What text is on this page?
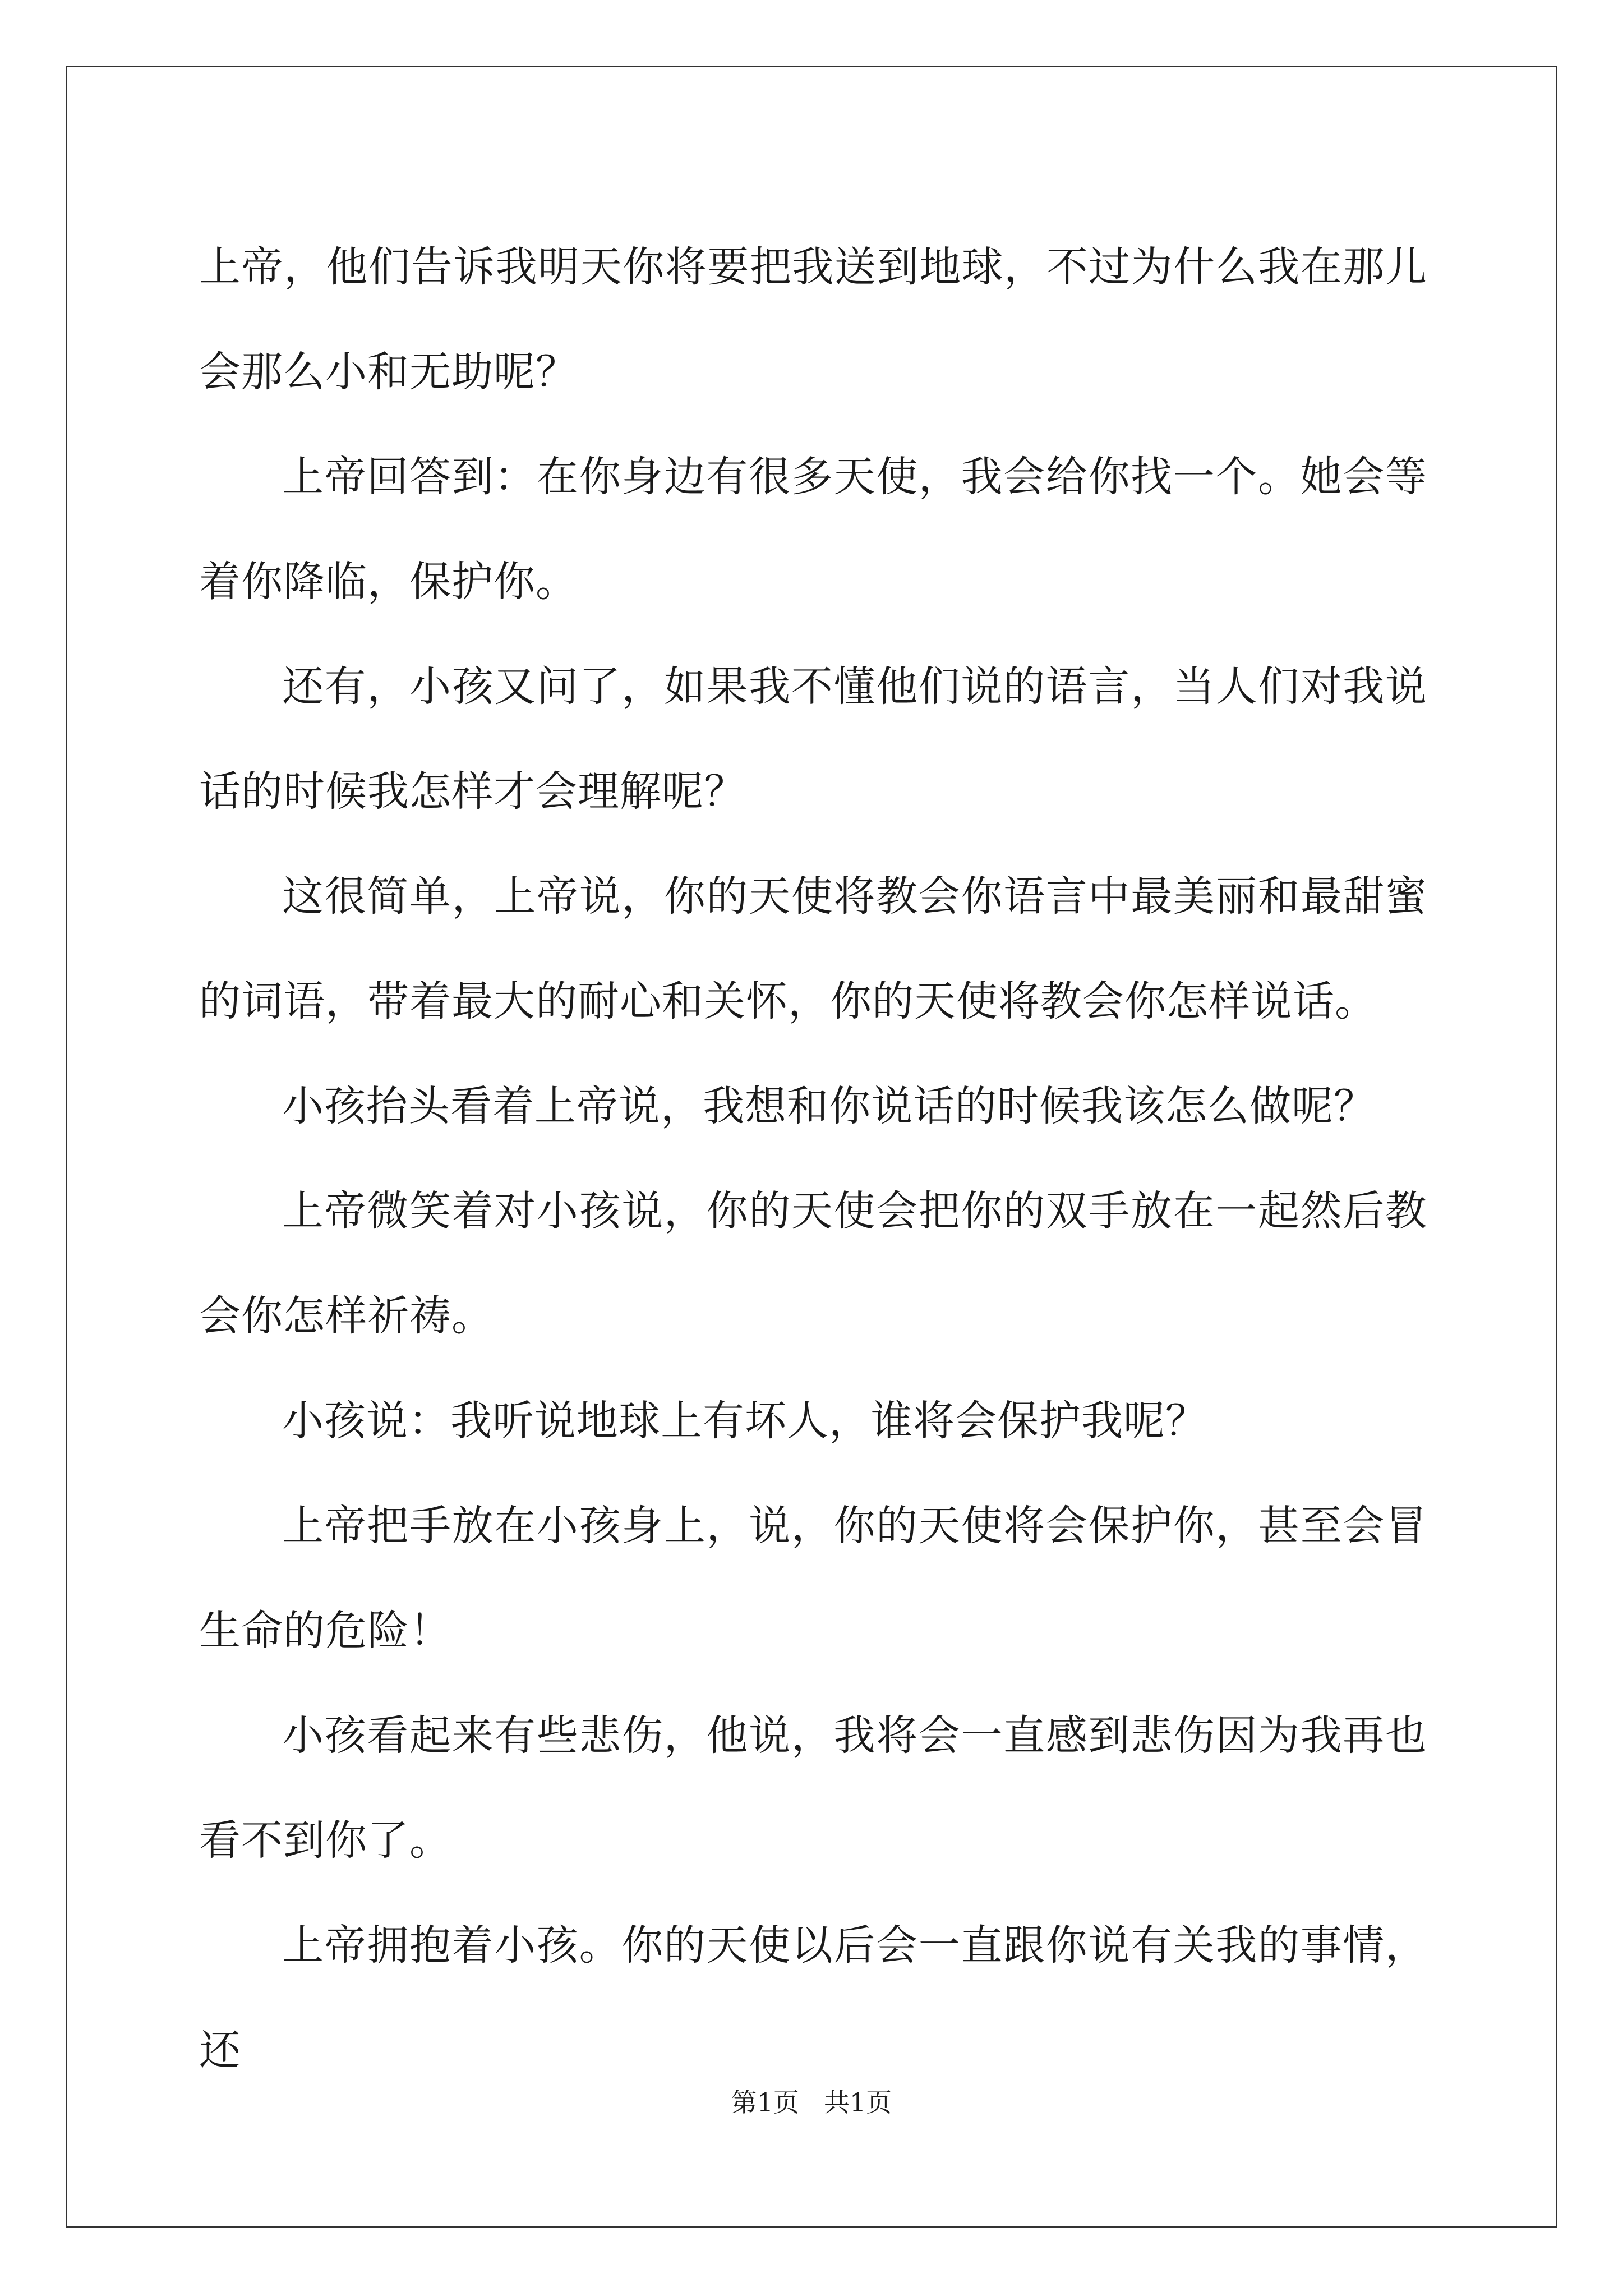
上帝，他们告诉我明天你将要把我送到地球，不过为什么我在那儿会那么小和无助呢？

上帝回答到：在你身边有很多天使，我会给你找一个。她会等着你降临，保护你。

还有，小孩又问了，如果我不懂他们说的语言，当人们对我说话的时候我怎样才会理解呢？

这很简单，上帝说，你的天使将教会你语言中最美丽和最甜蜜的词语，带着最大的耐心和关怀，你的天使将教会你怎样说话。

小孩抬头看着上帝说，我想和你说话的时候我该怎么做呢？

上帝微笑着对小孩说，你的天使会把你的双手放在一起然后教会你怎样祈祷。

小孩说：我听说地球上有坏人，谁将会保护我呢？

上帝把手放在小孩身上，说，你的天使将会保护你，甚至会冒生命的危险！

小孩看起来有些悲伤，他说，我将会一直感到悲伤因为我再也看不到你了。

上帝拥抱着小孩。你的天使以后会一直跟你说有关我的事情，还

第1页 共1页
